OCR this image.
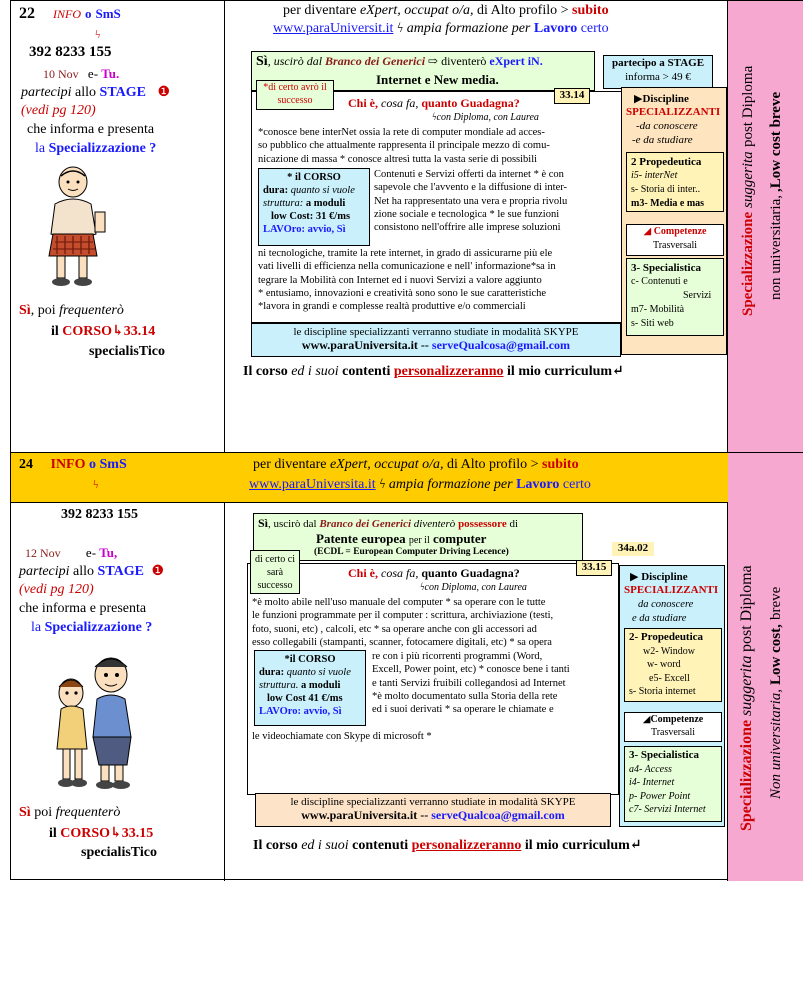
22 INFO o SmS
ϟ
392 8233 155
10 Nov e- Tu.
partecipi allo STAGE ❶
(vedi pg 120)
che informa e presenta
la Specializzazione ?
Sì, poi frequenterò
il CORSO↳33.14
specialisTico
per diventare eXpert, occupat o/a, di Alto profilo > subito
www.paraUniversit.it ϟ ampia formazione per Lavoro certo
Sì, uscirò dal Branco dei Generici ⇨ diventerò eXpert iN.
Internet e New media.
partecipo a STAGE
informa > 49 €
*di certo avrò il successo	Chi è, cosa fa, quanto Guadagna?
33.14
ϟcon Diploma, con Laurea
*conosce bene interNet ossia la rete di computer mondiale ad acces-
so pubblico che attualmente rappresenta il principale mezzo di comu-
nicazione di massa * conosce altresì tutta la vasta serie di possibili
* il CORSO
dura: quanto si vuole
struttura: a moduli
low Cost: 31 €/ms
LAVOro: avvio, Sì
Contenuti e Servizi offerti da internet * è con
sapevole che l'avvento e la diffusione di inter-
Net ha rappresentato una vera e propria rivolu
zione sociale e tecnologica * le sue funzioni
consistono nell'offrire alle imprese soluzioni
ni tecnologiche, tramite la rete internet, in grado di assicurarne più ele
vati livelli di efficienza nella comunicazione e nell' informazione*sa in
tegrare la Mobilità con Internet ed i nuovi Servizi a valore aggiunto
* entusiamo, innovazioni e creatività sono sono le sue caratteristiche
*lavora in grandi e complesse realtà produttive e/o commerciali
▶Discipline
SPECIALIZZANTI
-da conoscere
-e da studiare
2 Propedeutica
i5- interNet
s- Storia di inter..
m3- Media e mas
◢ Competenze
Trasversali
3- Specialistica
c- Contenuti e
Servizi
m7- Mobilità
s- Siti web
le discipline specializzanti verranno studiate in modalità SKYPE
www.paraUniversita.it -- serveQualcosa@gmail.com
Il corso ed i suoi contenti personalizzeranno il mio curriculum↵
Specializzazione

suggerita

post Diploma
non universitaria,

,Low cost breve
24 INFO o SmS
ϟ
392 8233 155
12 Nov e- Tu,
partecipi allo STAGE ❶
(vedi pg 120)
che informa e presenta
la Specializzazione ?
Sì poi frequenterò
il CORSO↳33.15
specialisTico
per diventare eXpert, occupat o/a, di Alto profilo > subito
www.paraUniversita.it ϟ ampia formazione per Lavoro certo
Sì, uscirò dal Branco dei Generici diventerò possessore di
Patente europea per il computer
(ECDL = European Computer Driving Lecence)	34a.02
di certo ci sarà successo
Chi è, cosa fa, quanto Guadagna?	33.15
ϟcon Diploma, con Laurea
*è molto abile nell'uso manuale del computer * sa operare con le tutte
le funzioni programmate per il computer : scrittura, archiviazione (testi,
foto, suoni, etc) , calcoli, etc * sa operare anche con gli accessori ad
esso collegabili (stampanti, scanner, fotocamere digitali, etc) * sa opera
*il CORSO
dura: quanto si vuole
struttura. a moduli
low Cost 41 €/ms
LAVOro: avvio, Sì
re con i più ricorrenti programmi (Word,
Excell, Power point, etc) * conosce bene i tanti
e tanti Servizi fruibili collegandosi ad Internet
*è molto documentato sulla Storia della rete
ed i suoi derivati * sa operare le chiamate e
le videochiamate con Skype di microsoft *
▶ Discipline
SPECIALIZZANTI
da conoscere
e da studiare
2- Propedeutica
w2- Window
w- word
e5- Excell
s- Storia internet
◢Competenze
Trasversali
3- Specialistica
a4- Access
i4- Internet
p- Power Point
c7- Servizi Internet
le discipline specializzanti verranno studiate in modalità SKYPE
www.paraUniversita.it -- serveQualcoa@gmail.com
Il corso ed i suoi contenuti personalizzeranno il mio curriculum↵
Specializzazione

suggerita

post Diploma
Non universitaria,

Low cost,

breve
